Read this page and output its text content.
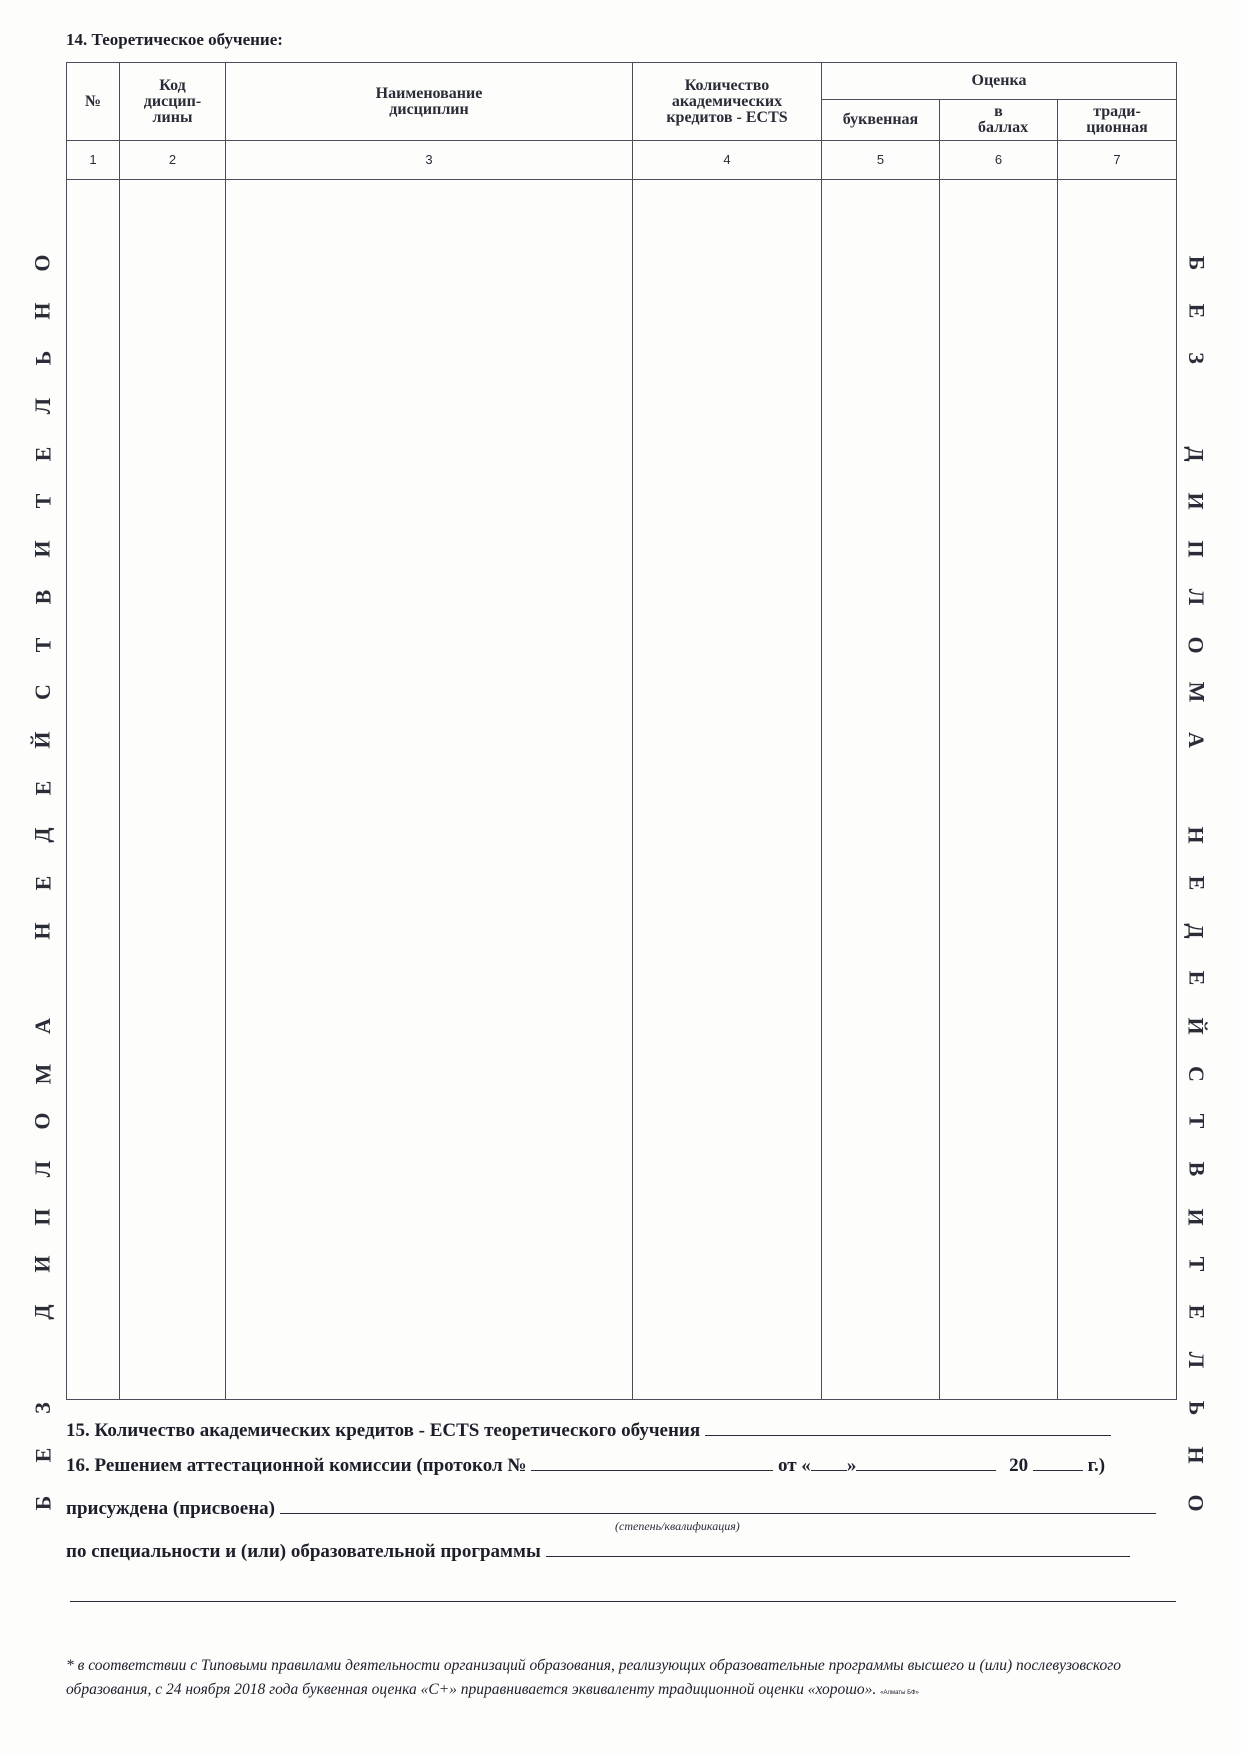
14. Теоретическое обучение:
№	Код дисцип-лины	Наименование дисциплин	Количество академических кредитов - ECTS	Оценка		
				буквенная	в баллах	тради-ционная
1	2	3	4	5	6	7

О
Н
Ь
Л
Е
Т
И
В
Т
С
Й
Е
Д
Е
Н
А
М
О
Л
П
И
Д
З
Е
Б
Б
Е
З
Д
И
П
Л
О
М
А
Н
Е
Д
Е
Й
С
Т
В
И
Т
Е
Л
Ь
Н
О
15. Количество академических кредитов - ECTS теоретического обучения
16. Решением аттестационной комиссии (протокол №	от « »	20	г.)
присуждена (присвоена)
(степень/квалификация)
по специальности и (или) образовательной программы
* в соответствии с Типовыми правилами деятельности организаций образования, реализующих образовательные программы высшего и (или) послевузовского образования, с 24 ноября 2018 года буквенная оценка «С+» приравнивается эквиваленту традиционной оценки «хорошо». «Алматы БФ»
